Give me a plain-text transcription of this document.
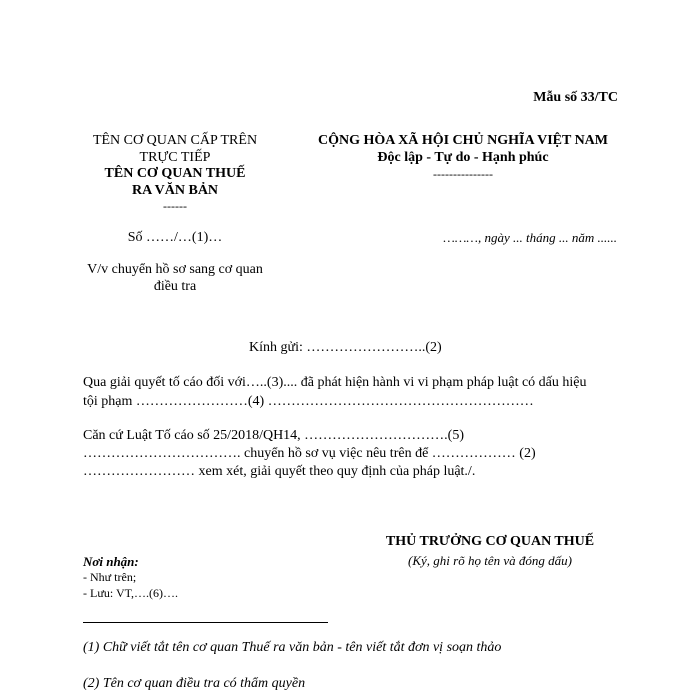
Mẫu số 33/TC
TÊN CƠ QUAN CẤP TRÊN
TRỰC TIẾP
TÊN CƠ QUAN THUẾ
RA VĂN BẢN
------
Số ……/…(1)…
V/v chuyển hồ sơ sang cơ quan
điều tra
CỘNG HÒA XÃ HỘI CHỦ NGHĨA VIỆT NAM
Độc lập - Tự do - Hạnh phúc
---------------
………, ngày ... tháng ... năm ......
Kính gửi: ……………………..(2)
Qua giải quyết tố cáo đối với…..(3).... đã phát hiện hành vi vi phạm pháp luật có dấu hiệu
tội phạm ……………………(4) …………………………………………………
Căn cứ Luật Tố cáo số 25/2018/QH14, ………………………….(5)
……………………………. chuyển hồ sơ vụ việc nêu trên để ……………… (2)
…………………… xem xét, giải quyết theo quy định của pháp luật./.
THỦ TRƯỞNG CƠ QUAN THUẾ
(Ký, ghi rõ họ tên và đóng dấu)
Nơi nhận:
- Như trên;
- Lưu: VT,….(6)….
(1) Chữ viết tắt tên cơ quan Thuế ra văn bản - tên viết tắt đơn vị soạn thảo
(2) Tên cơ quan điều tra có thẩm quyền
